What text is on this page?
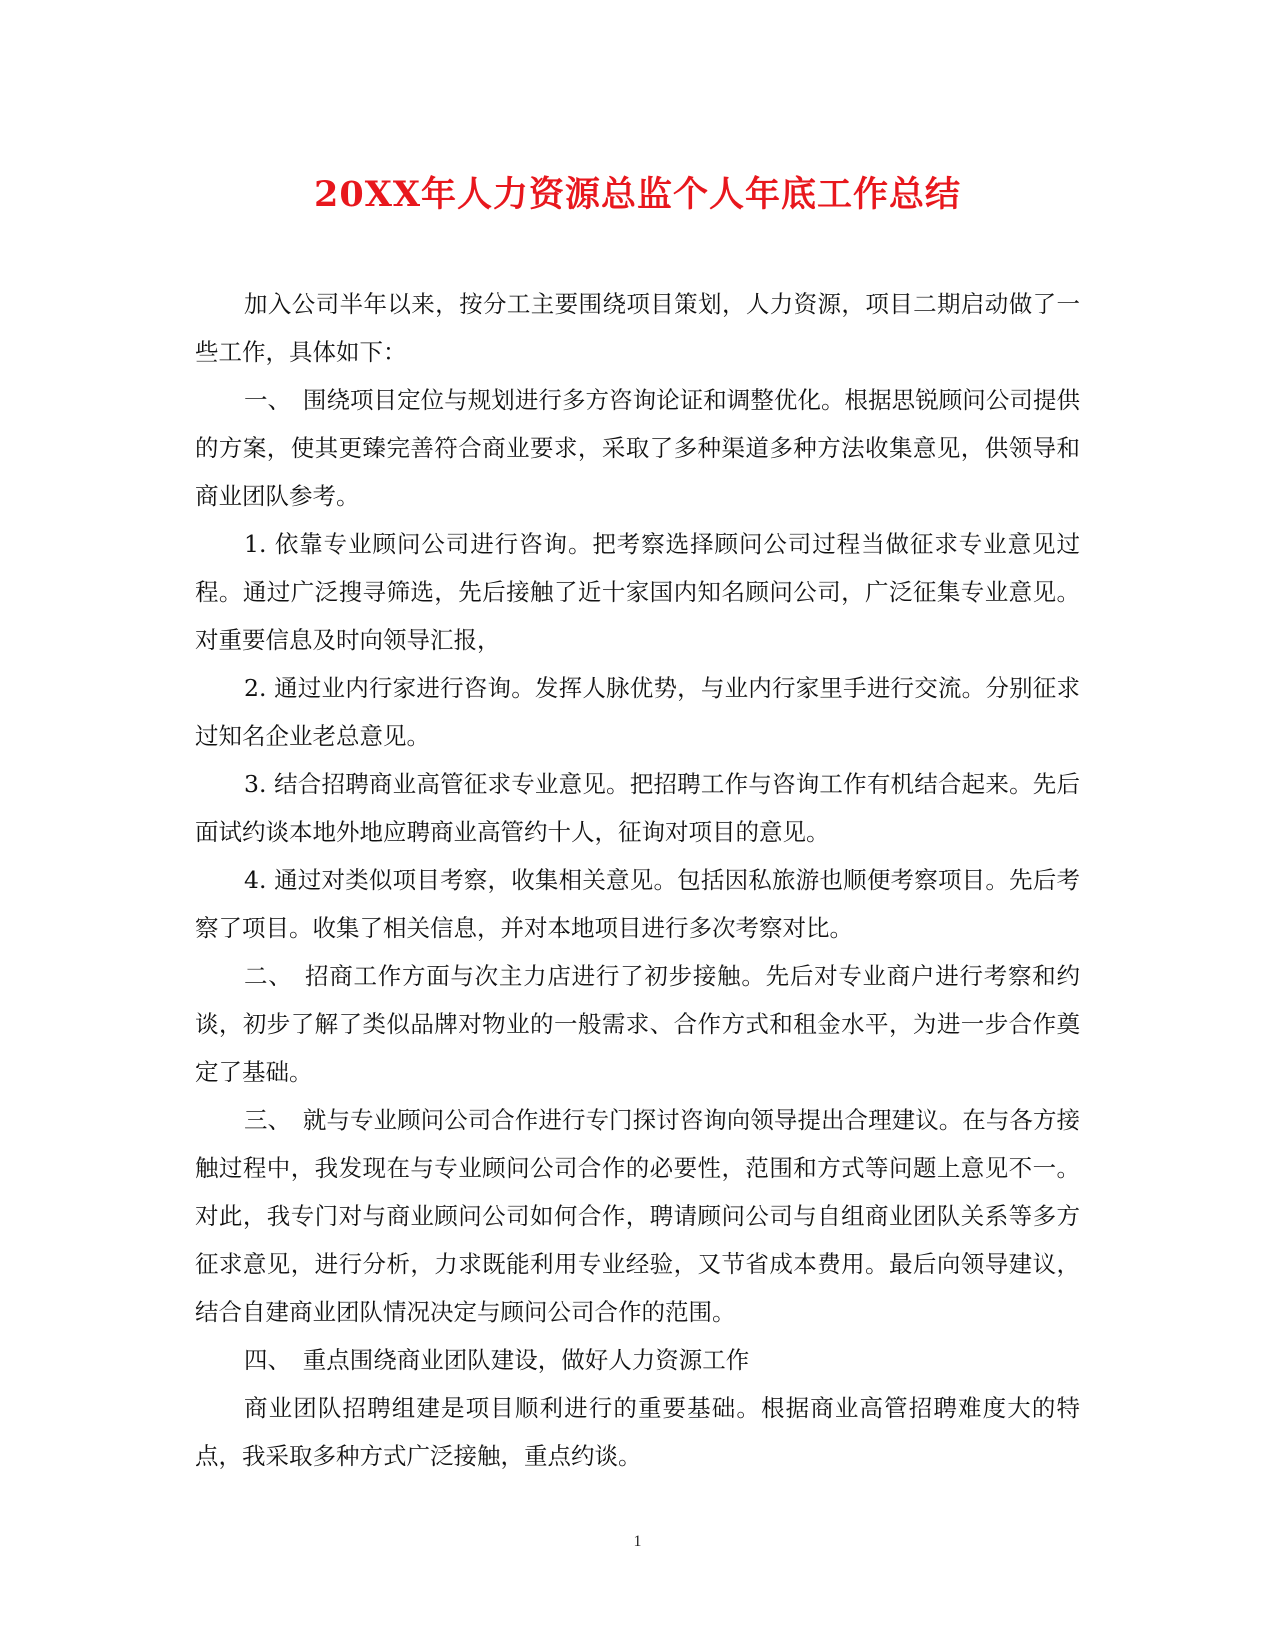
20XX年人力资源总监个人年底工作总结

加入公司半年以来，按分工主要围绕项目策划，人力资源，项目二期启动做了一些工作，具体如下：

一、　围绕项目定位与规划进行多方咨询论证和调整优化。根据思锐顾问公司提供的方案，使其更臻完善符合商业要求，采取了多种渠道多种方法收集意见，供领导和商业团队参考。

1. 依靠专业顾问公司进行咨询。把考察选择顾问公司过程当做征求专业意见过程。通过广泛搜寻筛选，先后接触了近十家国内知名顾问公司，广泛征集专业意见。对重要信息及时向领导汇报，

2. 通过业内行家进行咨询。发挥人脉优势，与业内行家里手进行交流。分别征求过知名企业老总意见。

3. 结合招聘商业高管征求专业意见。把招聘工作与咨询工作有机结合起来。先后面试约谈本地外地应聘商业高管约十人，征询对项目的意见。

4. 通过对类似项目考察，收集相关意见。包括因私旅游也顺便考察项目。先后考察了项目。收集了相关信息，并对本地项目进行多次考察对比。

二、　招商工作方面与次主力店进行了初步接触。先后对专业商户进行考察和约谈，初步了解了类似品牌对物业的一般需求、合作方式和租金水平，为进一步合作奠定了基础。

三、　就与专业顾问公司合作进行专门探讨咨询向领导提出合理建议。在与各方接触过程中，我发现在与专业顾问公司合作的必要性，范围和方式等问题上意见不一。对此，我专门对与商业顾问公司如何合作，聘请顾问公司与自组商业团队关系等多方征求意见，进行分析，力求既能利用专业经验，又节省成本费用。最后向领导建议，结合自建商业团队情况决定与顾问公司合作的范围。

四、　重点围绕商业团队建设，做好人力资源工作

商业团队招聘组建是项目顺利进行的重要基础。根据商业高管招聘难度大的特点，我采取多种方式广泛接触，重点约谈。

1
